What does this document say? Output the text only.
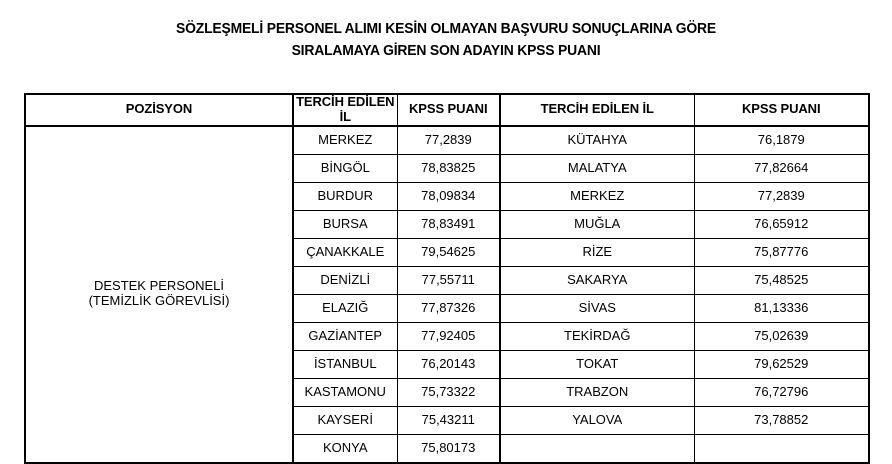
SÖZLEŞMELİ PERSONEL ALIMI KESİN OLMAYAN BAŞVURU SONUÇLARINA GÖRE
SIRALAMAYA GİREN SON ADAYIN KPSS PUANI
POZİSYON	TERCİH EDİLEN İL	KPSS PUANI	TERCİH EDİLEN İL	KPSS PUANI

DESTEK PERSONELİ
(TEMİZLİK GÖREVLİSİ)	MERKEZ	77,2839	KÜTAHYA	76,1879
	BİNGÖL	78,83825	MALATYA	77,82664
	BURDUR	78,09834	MERKEZ	77,2839
	BURSA	78,83491	MUĞLA	76,65912
	ÇANAKKALE	79,54625	RİZE	75,87776
	DENİZLİ	77,55711	SAKARYA	75,48525
	ELAZIĞ	77,87326	SİVAS	81,13336
	GAZİANTEP	77,92405	TEKİRDAĞ	75,02639
	İSTANBUL	76,20143	TOKAT	79,62529
	KASTAMONU	75,73322	TRABZON	76,72796
	KAYSERİ	75,43211	YALOVA	73,78852
	KONYA	75,80173		
